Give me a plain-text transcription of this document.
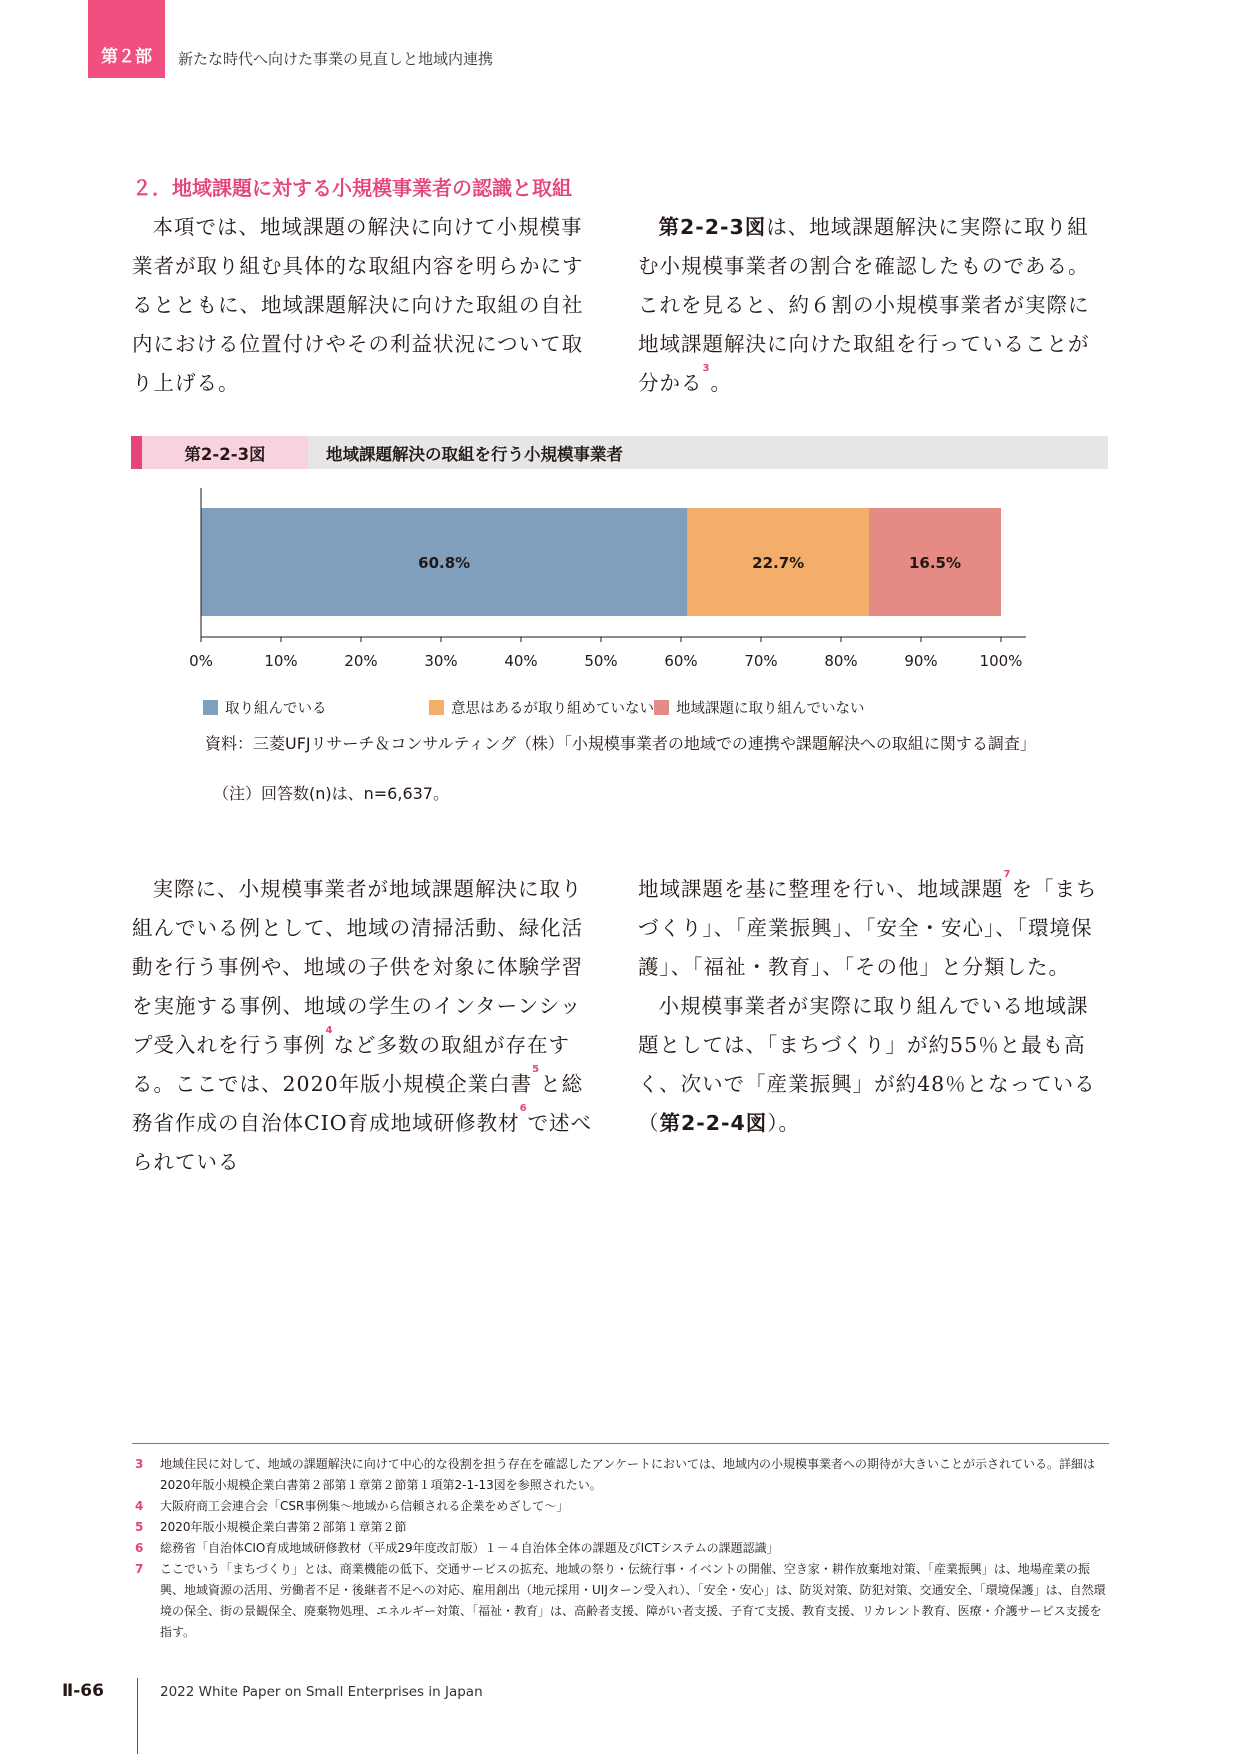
第２部	新たな時代へ向けた事業の見直しと地域内連携
２．地域課題に対する小規模事業者の認識と取組

本項では、地域課題の解決に向けて小規模事業者が取り組む具体的な取組内容を明らかにするとともに、地域課題解決に向けた取組の自社内における位置付けやその利益状況について取り上げる。

第2-2-3図は、地域課題解決に実際に取り組む小規模事業者の割合を確認したものである。これを見ると、約６割の小規模事業者が実際に地域課題解決に向けた取組を行っていることが分かる$^3$。

第2-2-3図	地域課題解決の取組を行う小規模事業者
60.8%	22.7%	16.5%
0%	10%	20%	30%	40%	50%	60%	70%	80%	90%	100%
取り組んでいる	意思はあるが取り組めていない 地域課題に取り組んでいない
資料：三菱UFJリサーチ＆コンサルティング（株）「小規模事業者の地域での連携や課題解決への取組に関する調査」
（注）回答数(n)は、n=6,637。

実際に、小規模事業者が地域課題解決に取り組んでいる例として、地域の清掃活動、緑化活動を行う事例や、地域の子供を対象に体験学習を実施する事例、地域の学生のインターンシップ受入れを行う事例$^4$など多数の取組が存在する。ここでは、2020年版小規模企業白書$^5$と総務省作成の自治体CIO育成地域研修教材$^6$で述べられている

地域課題を基に整理を行い、地域課題$^7$を「まちづくり」、「産業振興」、「安全・安心」、「環境保護」、「福祉・教育」、「その他」と分類した。

小規模事業者が実際に取り組んでいる地域課題としては、「まちづくり」が約55％と最も高く、次いで「産業振興」が約48％となっている（第2-2-4図）。

3	地域住民に対して、地域の課題解決に向けて中心的な役割を担う存在を確認したアンケートにおいては、地域内の小規模事業者への期待が大きいことが示されている。詳細は2020年版小規模企業白書第２部第１章第２節第１項第2-1-13図を参照されたい。
4	大阪府商工会連合会「CSR事例集〜地域から信頼される企業をめざして〜」
5	2020年版小規模企業白書第２部第１章第２節
6	総務省「自治体CIO育成地域研修教材（平成29年度改訂版）１－４自治体全体の課題及びICTシステムの課題認識」
7	ここでいう「まちづくり」とは、商業機能の低下、交通サービスの拡充、地域の祭り・伝統行事・イベントの開催、空き家・耕作放棄地対策、「産業振興」は、地場産業の振興、地域資源の活用、労働者不足・後継者不足への対応、雇用創出（地元採用・UIJターン受入れ）、「安全・安心」は、防災対策、防犯対策、交通安全、「環境保護」は、自然環境の保全、街の景観保全、廃棄物処理、エネルギー対策、「福祉・教育」は、高齢者支援、障がい者支援、子育て支援、教育支援、リカレント教育、医療・介護サービス支援を指す。
Ⅱ-66	2022 White Paper on Small Enterprises in Japan
